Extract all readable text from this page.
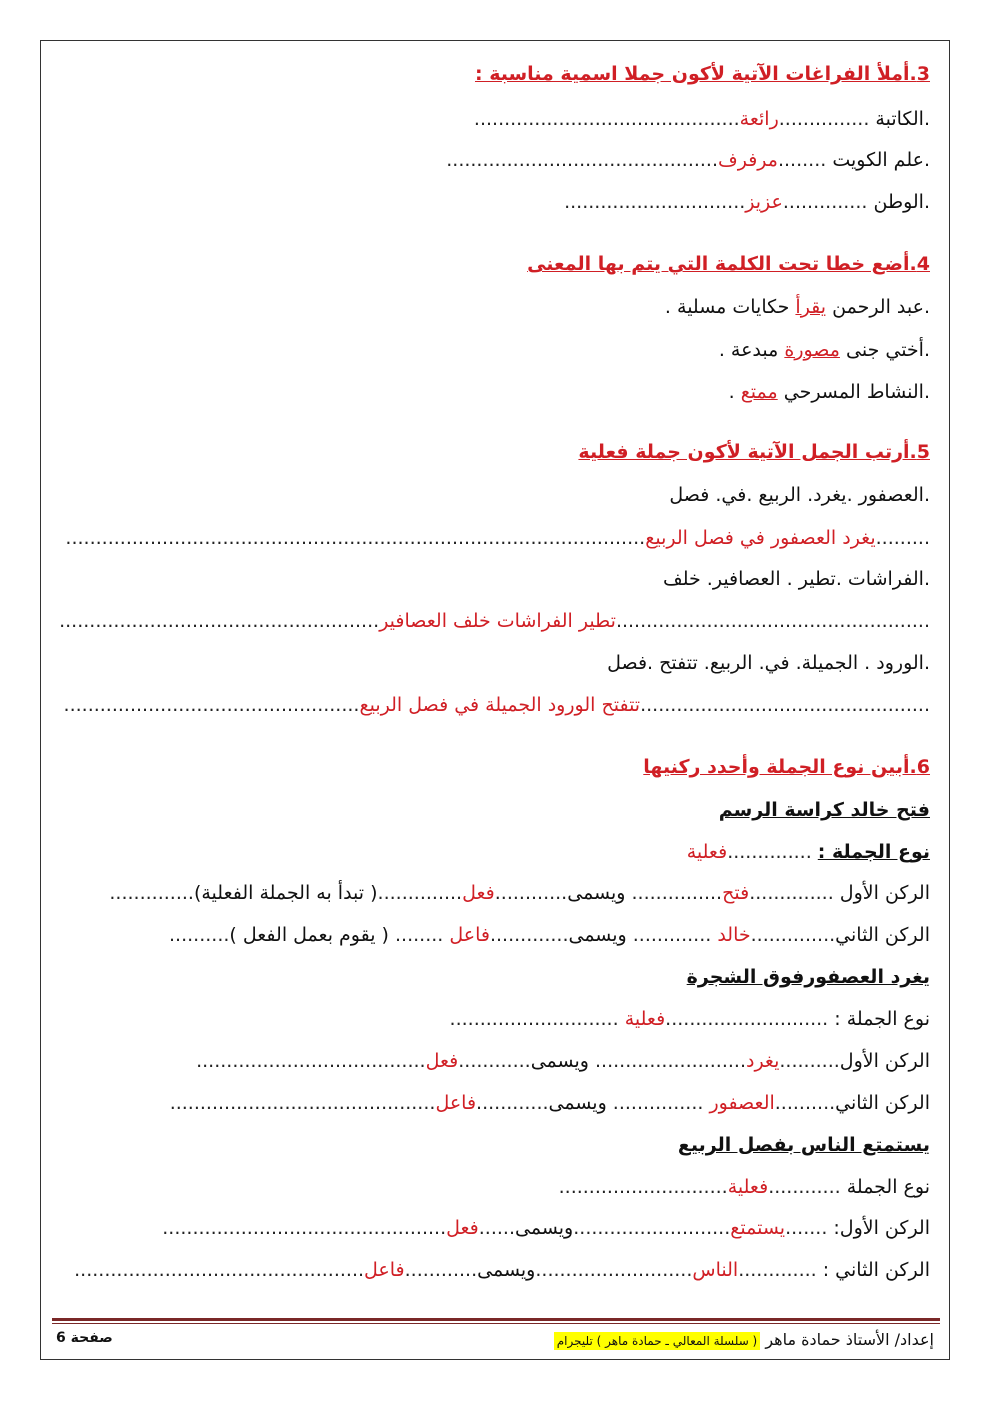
3.أملأ الفراغات الآتية لأكون جملا اسمية مناسبة :
.الكاتبة ...............رائعة............................................
.علم الكويت ........مرفرف.............................................
.الوطن ..............عزيز..............................
4.أضع خطا تحت الكلمة التي يتم بها المعنى
.عبد الرحمن يقرأ حكايات مسلية .
.أختي جنى مصورة مبدعة .
.النشاط المسرحي ممتع .
5.أرتب الجمل الآتية لأكون جملة فعلية
.العصفور .يغرد. الربيع .في. فصل
.........يغرد العصفور في فصل الربيع................................................................................................
.الفراشات .تطير . العصافير. خلف
....................................................تطير الفراشات خلف العصافير.....................................................
.الورود . الجميلة. في. الربيع. تتفتح .فصل
................................................تتفتح الورود الجميلة في فصل الربيع.................................................
6.أبين نوع الجملة وأحدد ركنيها
فتح خالد كراسة الرسم
نوع الجملة : ..............فعلية
الركن الأول ..............فتح............... ويسمى............فعل..............( تبدأ به الجملة الفعلية)..............
الركن الثاني..............خالد ............. ويسمى.............فاعل ........ ( يقوم بعمل الفعل )..........
يغرد العصفورفوق الشجرة
نوع الجملة : ...........................فعلية ............................
الركن الأول..........يغرد......................... ويسمى............فعل......................................
الركن الثاني..........العصفور ............... ويسمى............فاعل............................................
يستمتع الناس بفصل الربيع
نوع الجملة ............فعلية............................
الركن الأول: .......يستمتع..........................ويسمى......فعل...............................................
الركن الثاني : .............الناس..........................ويسمى............فاعل................................................
إعداد/ الأستاذ حمادة ماهر ( سلسلة المعالي ـ حمادة ماهر ) تليجرام
صفحة 6
